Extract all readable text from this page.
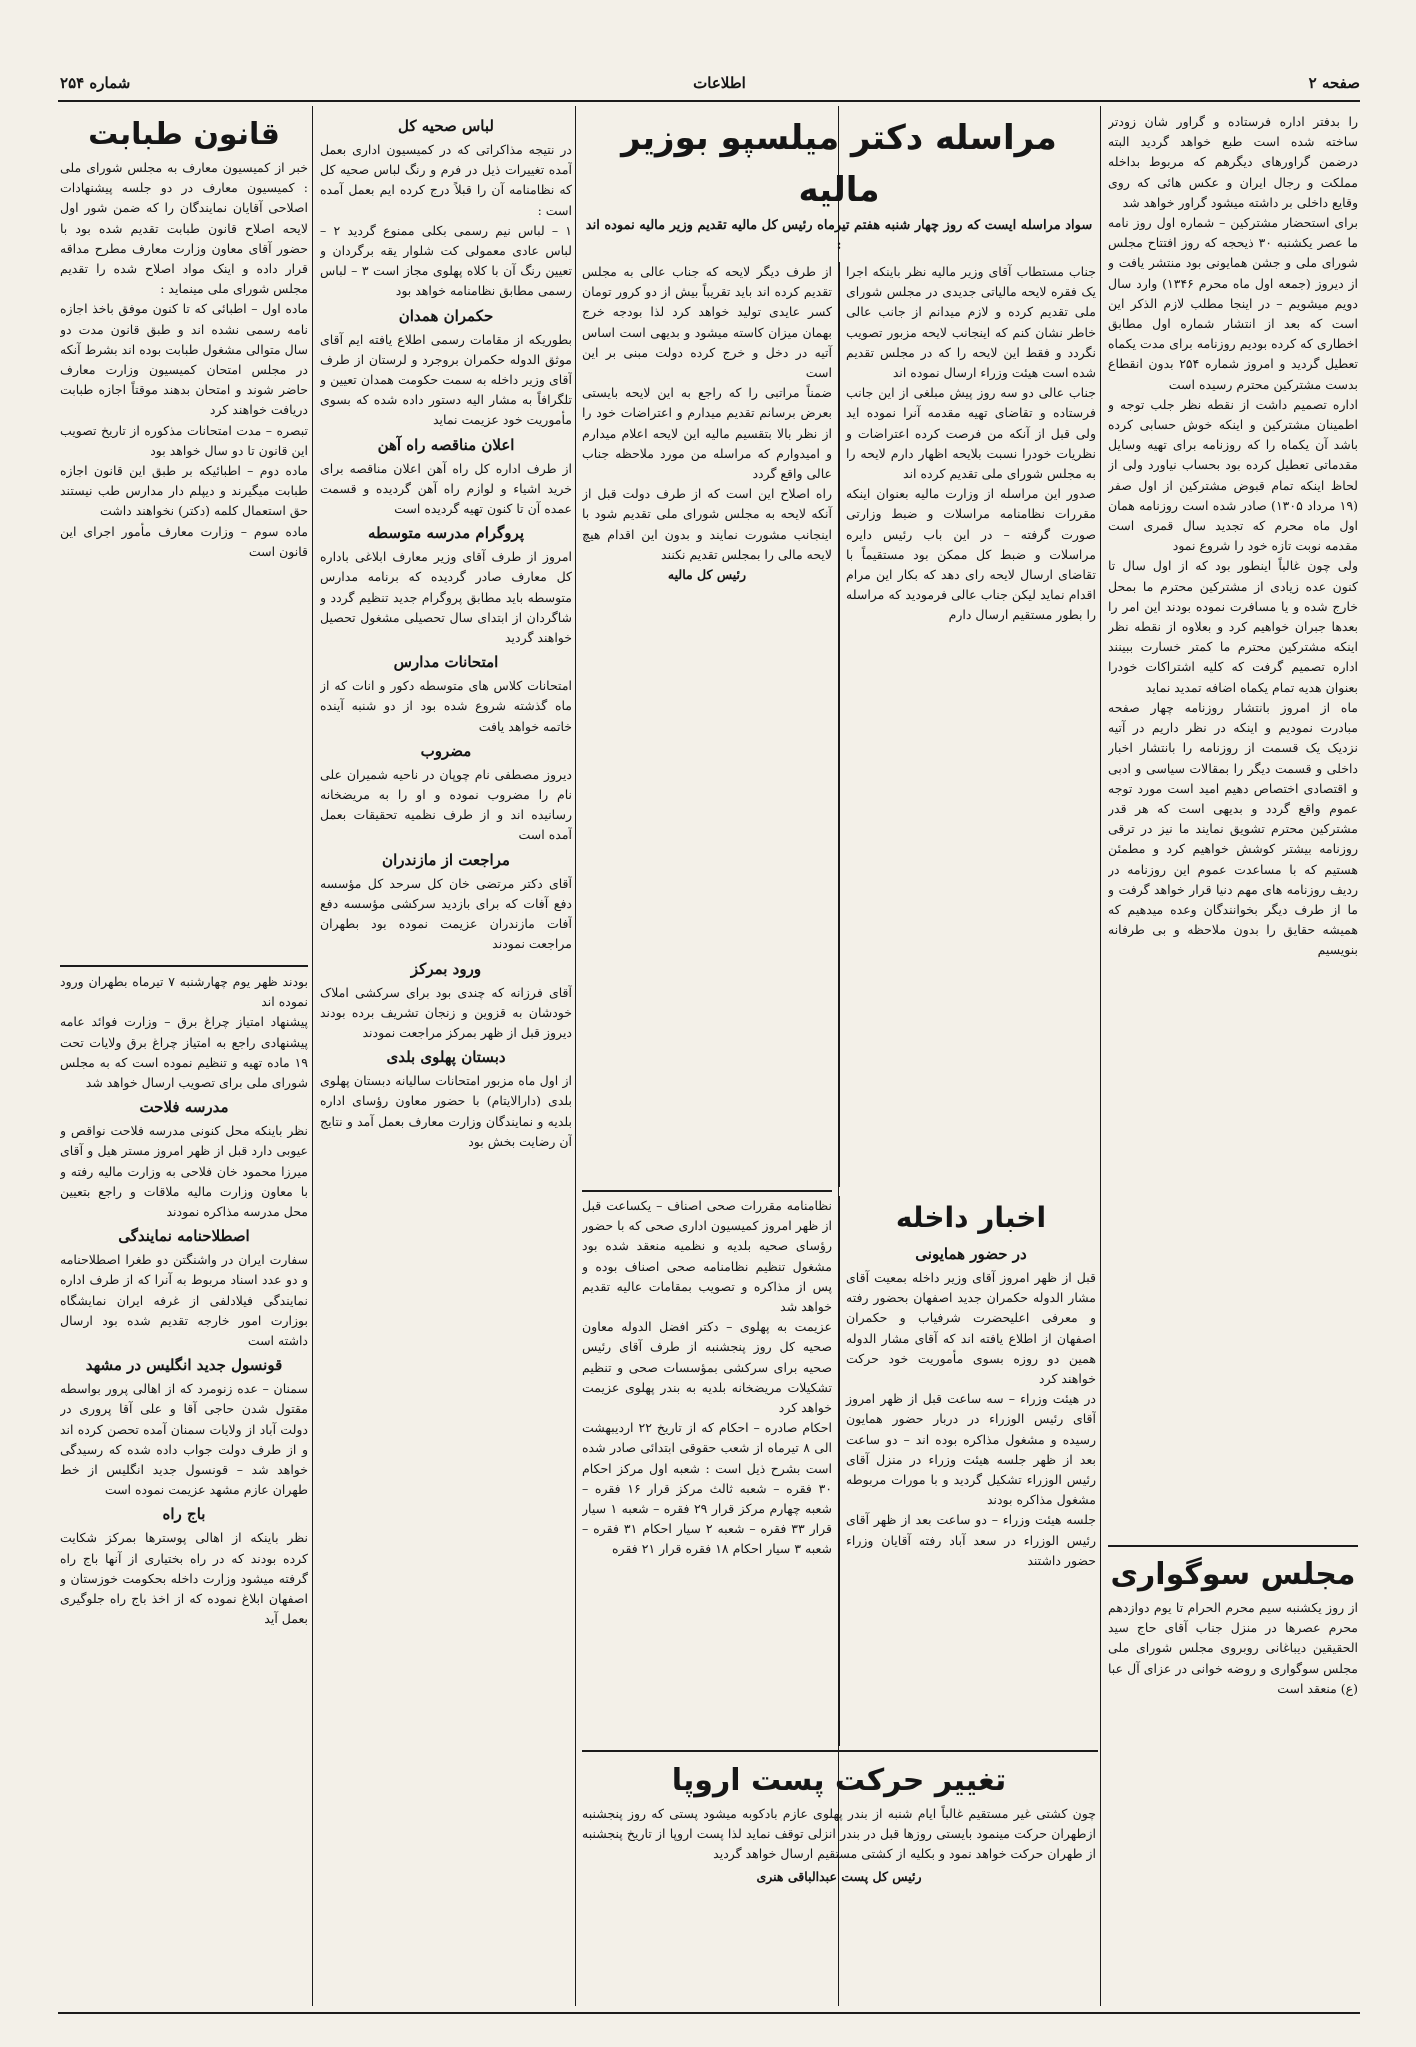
صفحه ۲
اطلاعات
شماره ۲۵۴

را بدفتر اداره فرستاده و گراور شان زودتر ساخته شده است طبع خواهد گردید البته درضمن گراورهای دیگرهم که مربوط بداخله مملکت و رجال ایران و عکس هائی که روی وقایع داخلی بر داشته میشود گراور خواهد شد

برای استحضار مشترکین – شماره اول روز نامه ما عصر یکشنبه ۳۰ ذیحجه که روز افتتاح مجلس شورای ملی و جشن همایونی بود منتشر یافت و از دیروز (جمعه اول ماه محرم ۱۳۴۶) وارد سال دویم میشویم – در اینجا مطلب لازم الذکر این است که بعد از انتشار شماره اول مطابق اخطاری که کرده بودیم روزنامه برای مدت یکماه تعطیل گردید و امروز شماره ۲۵۴ بدون انقطاع بدست مشترکین محترم رسیده است

اداره تصمیم داشت از نقطه نظر جلب توجه و اطمینان مشترکین و اینکه خوش حسابی کرده باشد آن یکماه را که روزنامه برای تهیه وسایل مقدماتی تعطیل کرده بود بحساب نیاورد ولی از لحاظ اینکه تمام قبوض مشترکین از اول صفر (۱۹ مرداد ۱۳۰۵) صادر شده است روزنامه همان اول ماه محرم که تجدید سال قمری است مقدمه نوبت تازه خود را شروع نمود

ولی چون غالباً اینطور بود که از اول سال تا کنون عده زیادی از مشترکین محترم ما بمحل خارج شده و یا مسافرت نموده بودند این امر را بعدها جبران خواهیم کرد و بعلاوه از نقطه نظر اینکه مشترکین محترم ما کمتر خسارت ببینند اداره تصمیم گرفت که کلیه اشتراکات خودرا بعنوان هدیه تمام یکماه اضافه تمدید نماید

ماه از امروز بانتشار روزنامه چهار صفحه مبادرت نمودیم و اینکه در نظر داریم در آتیه نزدیک یک قسمت از روزنامه را بانتشار اخبار داخلی و قسمت دیگر را بمقالات سیاسی و ادبی و اقتصادی اختصاص دهیم امید است مورد توجه عموم واقع گردد و بدیهی است که هر قدر مشترکین محترم تشویق نمایند ما نیز در ترقی روزنامه بیشتر کوشش خواهیم کرد و مطمئن هستیم که با مساعدت عموم این روزنامه در ردیف روزنامه های مهم دنیا قرار خواهد گرفت و ما از طرف دیگر بخوانندگان وعده میدهیم که همیشه حقایق را بدون ملاحظه و بی طرفانه بنویسیم

مجلس سوگواری

از روز یکشنبه سیم محرم الحرام تا یوم دوازدهم محرم عصرها در منزل جناب آقای حاج سید الحقیقین دیباغانی روبروی مجلس شورای ملی مجلس سوگواری و روضه خوانی در عزای آل عبا (ع) منعقد است

مراسله دکتر میلسپو بوزیر مالیه
سواد مراسله ایست که روز چهار شنبه هفتم تیرماه رئیس کل مالیه تقدیم وزیر مالیه نموده اند :

جناب مستطاب آقای وزیر مالیه نظر باینکه اجرا یک فقره لایحه مالیاتی جدیدی در مجلس شورای ملی تقدیم کرده و لازم میدانم از جانب عالی خاطر نشان کنم که اینجانب لایحه مزبور تصویب نگردد و فقط این لایحه را که در مجلس تقدیم شده است هیئت وزراء ارسال نموده اند

جناب عالی دو سه روز پیش مبلغی از این جانب فرستاده و تقاضای تهیه مقدمه آنرا نموده اید ولی قبل از آنکه من فرصت کرده اعتراضات و نظریات خودرا نسبت بلایحه اظهار دارم لایحه را به مجلس شورای ملی تقدیم کرده اند

صدور این مراسله از وزارت مالیه بعنوان اینکه مقررات نظامنامه مراسلات و ضبط وزارتی صورت گرفته – در این باب رئیس دایره مراسلات و ضبط کل ممکن بود مستقیماً با تقاضای ارسال لایحه رای دهد که بکار این مرام اقدام نماید لیکن جناب عالی فرمودید که مراسله را بطور مستقیم ارسال دارم

از طرف دیگر لایحه که جناب عالی به مجلس تقدیم کرده اند باید تقریباً بیش از دو کرور تومان کسر عایدی تولید خواهد کرد لذا بودجه خرج بهمان میزان کاسته میشود و بدیهی است اساس آتیه در دخل و خرج کرده دولت مبنی بر این است

ضمناً مراتبی را که راجع به این لایحه بایستی بعرض برسانم تقدیم میدارم و اعتراضات خود را از نظر بالا بتقسیم مالیه این لایحه اعلام میدارم و امیدوارم که مراسله من مورد ملاحظه جناب عالی واقع گردد

راه اصلاح این است که از طرف دولت قبل از آنکه لایحه به مجلس شورای ملی تقدیم شود با اینجانب مشورت نمایند و بدون این اقدام هیچ لایحه مالی را بمجلس تقدیم نکنند

رئیس کل مالیه

اخبار داخله
در حضور همایونی

قبل از ظهر امروز آقای وزیر داخله بمعیت آقای مشار الدوله حکمران جدید اصفهان بحضور رفته و معرفی اعلیحضرت شرفیاب و حکمران اصفهان از اطلاع یافته اند که آقای مشار الدوله همین دو روزه بسوی مأموریت خود حرکت خواهند کرد

در هیئت وزراء – سه ساعت قبل از ظهر امروز آقای رئیس الوزراء در دربار حضور همایون رسیده و مشغول مذاکره بوده اند – دو ساعت بعد از ظهر جلسه هیئت وزراء در منزل آقای رئیس الوزراء تشکیل گردید و با مورات مربوطه مشغول مذاکره بودند

جلسه هیئت وزراء – دو ساعت بعد از ظهر آقای رئیس الوزراء در سعد آباد رفته آقایان وزراء حضور داشتند

نظامنامه مقررات صحی اصناف – یکساعت قبل از ظهر امروز کمیسیون اداری صحی که با حضور رؤسای صحیه بلدیه و نظمیه منعقد شده بود مشغول تنظیم نظامنامه صحی اصناف بوده و پس از مذاکره و تصویب بمقامات عالیه تقدیم خواهد شد

عزیمت به پهلوی – دکتر افضل الدوله معاون صحیه کل روز پنجشنبه از طرف آقای رئیس صحیه برای سرکشی بمؤسسات صحی و تنظیم تشکیلات مریضخانه بلدیه به بندر پهلوی عزیمت خواهد کرد

احکام صادره – احکام که از تاریخ ۲۲ اردیبهشت الی ۸ تیرماه از شعب حقوقی ابتدائی صادر شده است بشرح ذیل است : شعبه اول مرکز احکام ۳۰ فقره – شعبه ثالث مرکز قرار ۱۶ فقره – شعبه چهارم مرکز قرار ۲۹ فقره – شعبه ۱ سیار قرار ۳۳ فقره – شعبه ۲ سیار احکام ۳۱ فقره – شعبه ۳ سیار احکام ۱۸ فقره قرار ۲۱ فقره

تغییر حرکت پست اروپا

چون کشتی غیر مستقیم غالباً ایام شنبه از بندر پهلوی عازم بادکوبه میشود پستی که روز پنجشنبه ازطهران حرکت مینمود بایستی روزها قبل در بندر انزلی توقف نماید لذا پست اروپا از تاریخ پنجشنبه از طهران حرکت خواهد نمود و بکلیه از کشتی مستقیم ارسال خواهد گردید

رئیس کل پست عبدالباقی هنری

لباس صحیه کل

در نتیجه مذاکراتی که در کمیسیون اداری بعمل آمده تغییرات ذیل در فرم و رنگ لباس صحیه کل که نظامنامه آن را قبلاً درج کرده ایم بعمل آمده است :

۱ – لباس نیم رسمی بکلی ممنوع گردید ۲ – لباس عادی معمولی کت شلوار یقه برگردان و تعیین رنگ آن با کلاه پهلوی مجاز است ۳ – لباس رسمی مطابق نظامنامه خواهد بود

حکمران همدان

بطوریکه از مقامات رسمی اطلاع یافته ایم آقای موثق الدوله حکمران بروجرد و لرستان از طرف آقای وزیر داخله به سمت حکومت همدان تعیین و تلگرافاً به مشار الیه دستور داده شده که بسوی مأموریت خود عزیمت نماید

اعلان مناقصه راه آهن

از طرف اداره کل راه آهن اعلان مناقصه برای خرید اشیاء و لوازم راه آهن گردیده و قسمت عمده آن تا کنون تهیه گردیده است

پروگرام مدرسه متوسطه

امروز از طرف آقای وزیر معارف ابلاغی باداره کل معارف صادر گردیده که برنامه مدارس متوسطه باید مطابق پروگرام جدید تنظیم گردد و شاگردان از ابتدای سال تحصیلی مشغول تحصیل خواهند گردید

امتحانات مدارس

امتحانات کلاس های متوسطه دکور و انات که از ماه گذشته شروع شده بود از دو شنبه آینده خاتمه خواهد یافت

مضروب

دیروز مصطفی نام چوپان در ناحیه شمیران علی نام را مضروب نموده و او را به مریضخانه رسانیده اند و از طرف نظمیه تحقیقات بعمل آمده است

مراجعت از مازندران

آقای دکتر مرتضی خان کل سرحد کل مؤسسه دفع آفات که برای بازدید سرکشی مؤسسه دفع آفات مازندران عزیمت نموده بود بطهران مراجعت نمودند

ورود بمرکز

آقای فرزانه که چندی بود برای سرکشی املاک خودشان به قزوین و زنجان تشریف برده بودند دیروز قبل از ظهر بمرکز مراجعت نمودند

دبستان پهلوی بلدی

از اول ماه مزبور امتحانات ساليانه دبستان پهلوی بلدی (دارالایتام) با حضور معاون رؤسای اداره بلدیه و نمایندگان وزارت معارف بعمل آمد و نتایج آن رضایت بخش بود

قانون طبابت

خبر از کمیسیون معارف به مجلس شورای ملی : کمیسیون معارف در دو جلسه پیشنهادات اصلاحی آقایان نمایندگان را که ضمن شور اول لایحه اصلاح قانون طبابت تقدیم شده بود با حضور آقای معاون وزارت معارف مطرح مداقه قرار داده و اینک مواد اصلاح شده را تقدیم مجلس شورای ملی مینماید :

ماده اول – اطبائی که تا کنون موفق باخذ اجازه نامه رسمی نشده اند و طبق قانون مدت دو سال متوالی مشغول طبابت بوده اند بشرط آنکه در مجلس امتحان کمیسیون وزارت معارف حاضر شوند و امتحان بدهند موقتاً اجازه طبابت دریافت خواهند کرد

تبصره – مدت امتحانات مذکوره از تاریخ تصویب این قانون تا دو سال خواهد بود

ماده دوم – اطبائیکه بر طبق این قانون اجازه طبابت میگیرند و دیپلم دار مدارس طب نیستند حق استعمال کلمه (دکتر) نخواهند داشت

ماده سوم – وزارت معارف مأمور اجرای این قانون است

بودند ظهر یوم چهارشنبه ۷ تیرماه بطهران ورود نموده اند

پیشنهاد امتیاز چراغ برق – وزارت فوائد عامه پیشنهادی راجع به امتیاز چراغ برق ولایات تحت ۱۹ ماده تهیه و تنظیم نموده است که به مجلس شورای ملی برای تصویب ارسال خواهد شد

مدرسه فلاحت

نظر باینکه محل کنونی مدرسه فلاحت نواقص و عیوبی دارد قبل از ظهر امروز مستر هیل و آقای میرزا محمود خان فلاحی به وزارت مالیه رفته و با معاون وزارت مالیه ملاقات و راجع بتعیین محل مدرسه مذاکره نمودند

اصطلاحنامه نمایندگی

سفارت ایران در واشنگتن دو طغرا اصطلاحنامه و دو عدد اسناد مربوط به آنرا که از طرف اداره نمایندگی فیلادلفی از غرفه ایران نمایشگاه بوزارت امور خارجه تقدیم شده بود ارسال داشته است

قونسول جدید انگلیس در مشهد

سمنان – عده زنومرد که از اهالی پرور بواسطه مقتول شدن حاجی آقا و علی آقا پروری در دولت آباد از ولایات سمنان آمده تحصن کرده اند و از طرف دولت جواب داده شده که رسیدگی خواهد شد – قونسول جدید انگلیس از خط طهران عازم مشهد عزیمت نموده است

باج راه

نظر باینکه از اهالی پوسترها بمرکز شکایت کرده بودند که در راه بختیاری از آنها باج راه گرفته میشود وزارت داخله بحکومت خوزستان و اصفهان ابلاغ نموده که از اخذ باج راه جلوگیری بعمل آید
